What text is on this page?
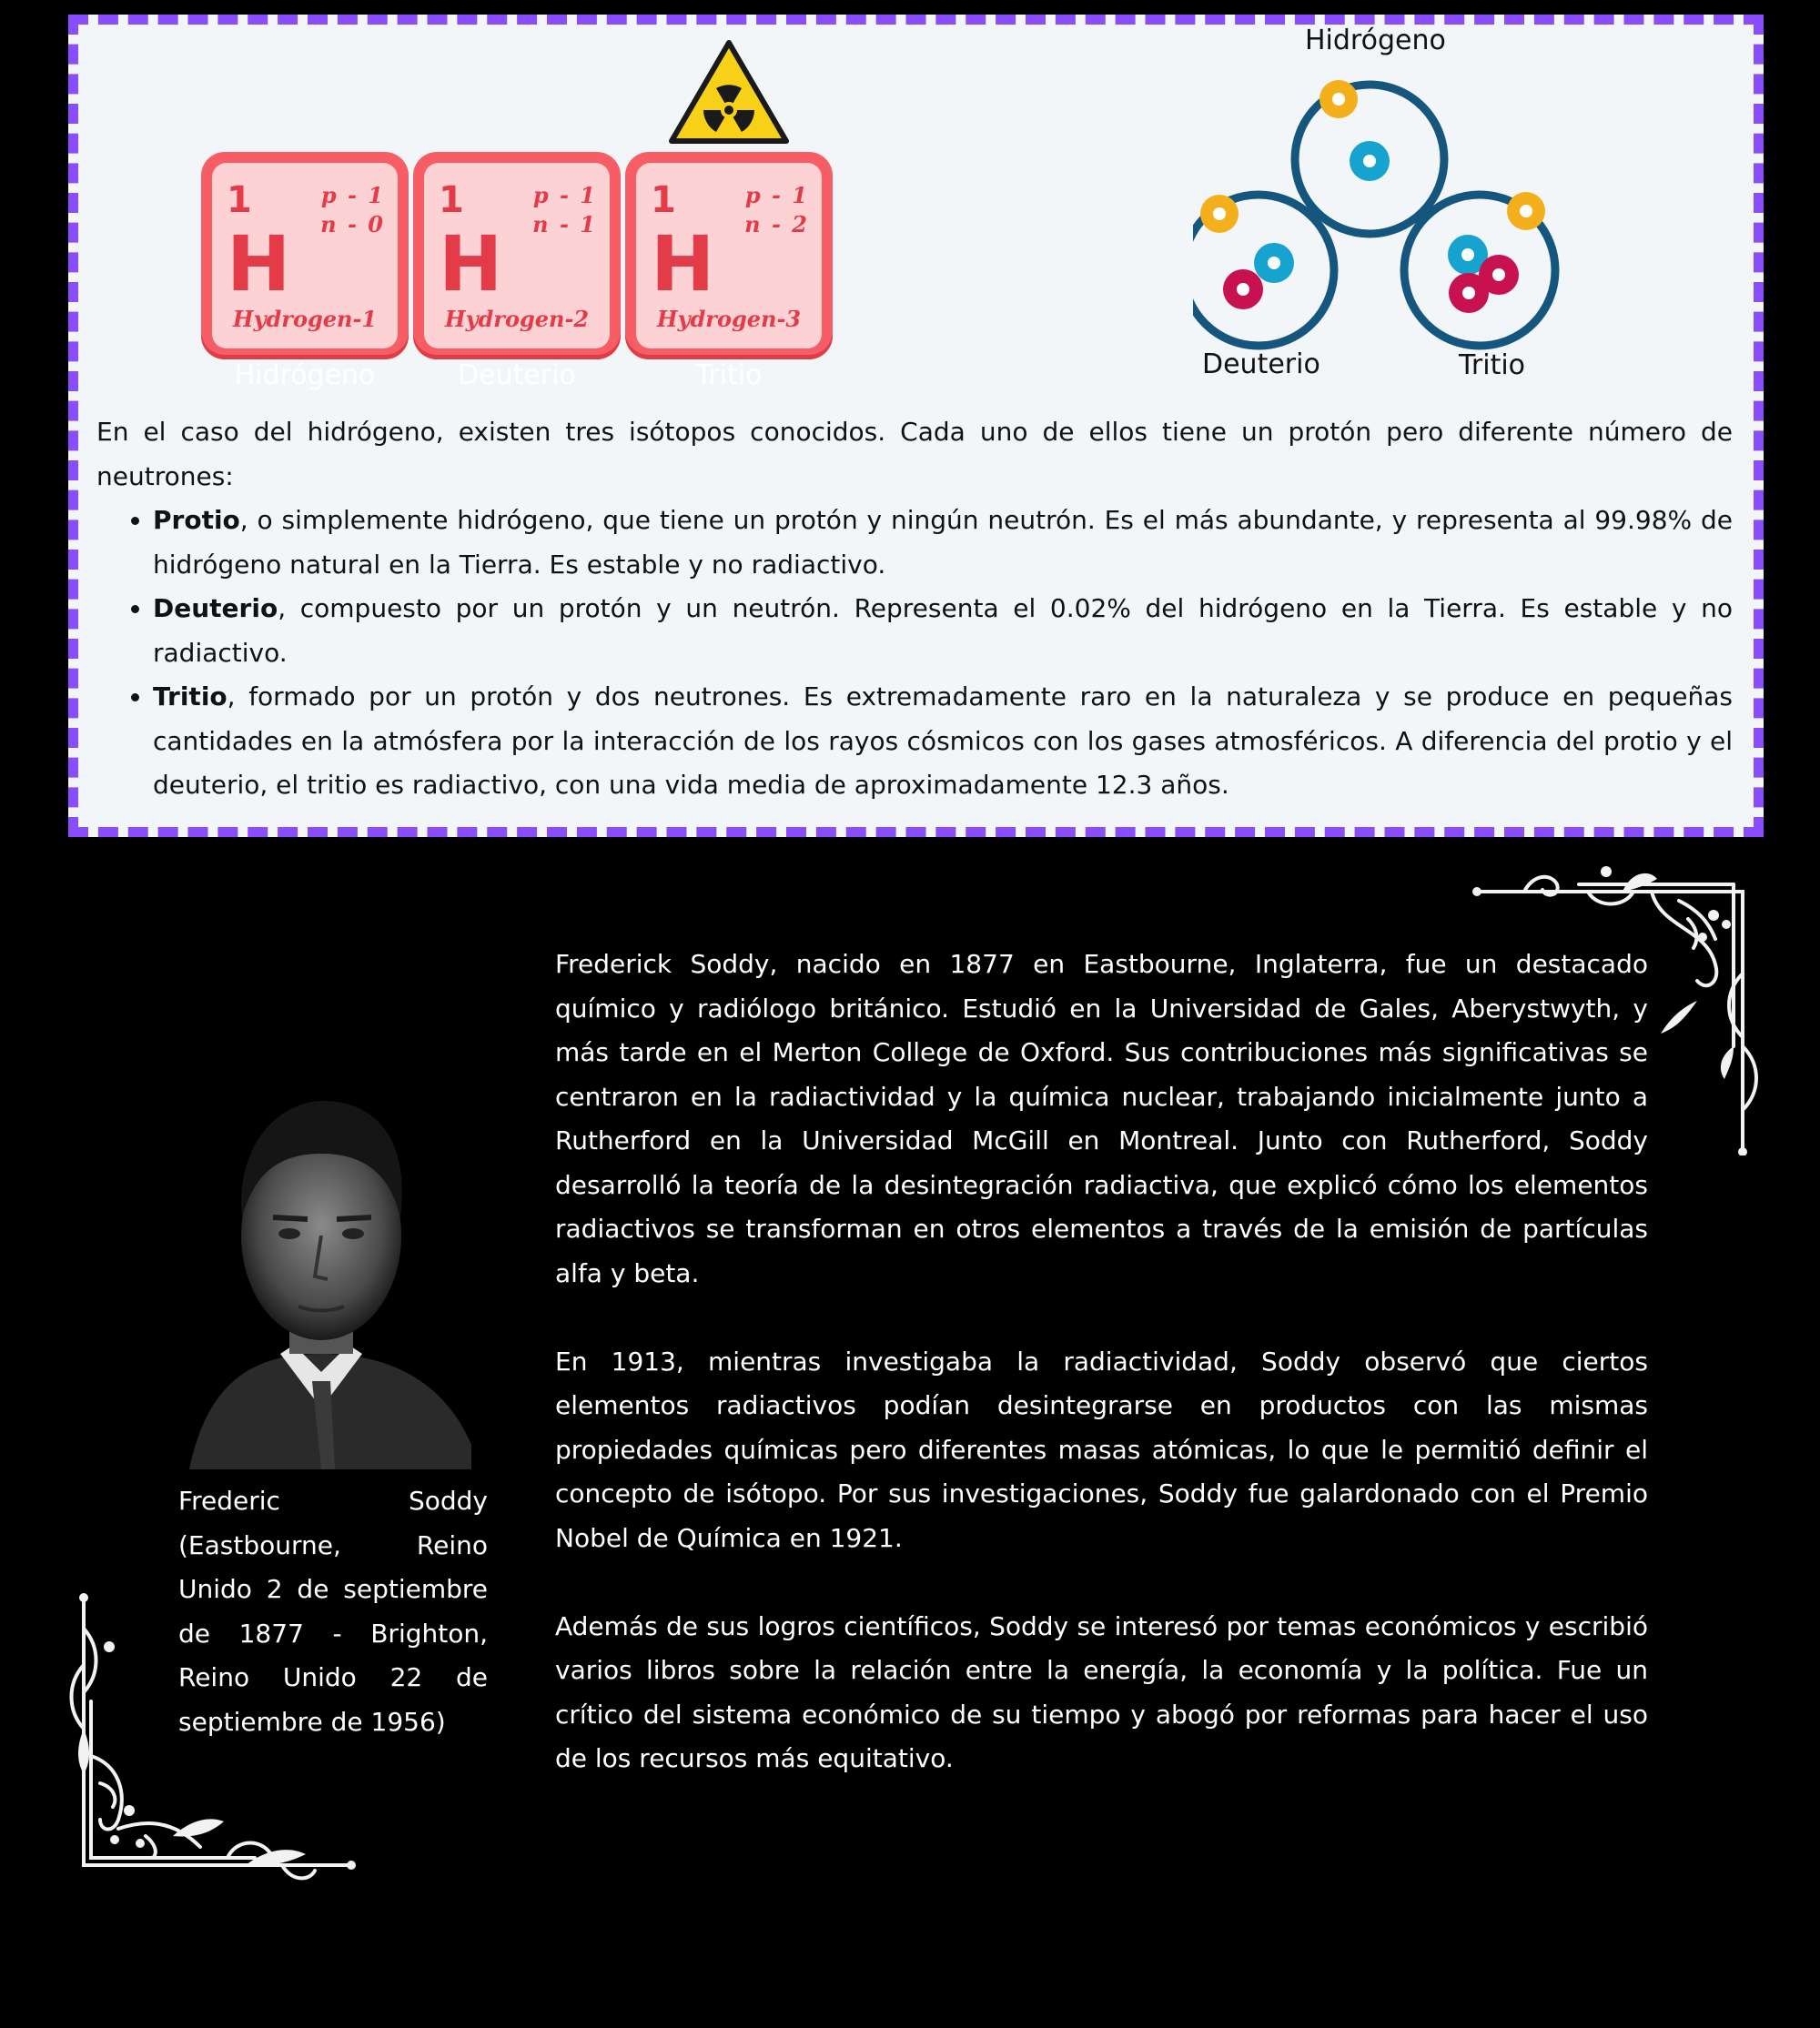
1	p - 1
n - 0
H
Hydrogen-1
Hidrógeno
1	p - 1
n - 1
H
Hydrogen-2
Deuterio
1	p - 1
n - 2
H
Hydrogen-3
Tritio
Hidrógeno
Deuterio	Tritio

En el caso del hidrógeno, existen tres isótopos conocidos. Cada uno de ellos tiene un protón pero diferente número de neutrones:

• Protio, o simplemente hidrógeno, que tiene un protón y ningún neutrón. Es el más abundante, y representa al 99.98% de hidrógeno natural en la Tierra. Es estable y no radiactivo.
• Deuterio, compuesto por un protón y un neutrón. Representa el 0.02% del hidrógeno en la Tierra. Es estable y no radiactivo.
• Tritio, formado por un protón y dos neutrones. Es extremadamente raro en la naturaleza y se produce en pequeñas cantidades en la atmósfera por la interacción de los rayos cósmicos con los gases atmosféricos. A diferencia del protio y el deuterio, el tritio es radiactivo, con una vida media de aproximadamente 12.3 años.
Frederic Soddy (Eastbourne, Reino Unido 2 de septiembre de 1877 - Brighton, Reino Unido 22 de septiembre de 1956)

Frederick Soddy, nacido en 1877 en Eastbourne, Inglaterra, fue un destacado químico y radiólogo británico. Estudió en la Universidad de Gales, Aberystwyth, y más tarde en el Merton College de Oxford. Sus contribuciones más significativas se centraron en la radiactividad y la química nuclear, trabajando inicialmente junto a Rutherford en la Universidad McGill en Montreal. Junto con Rutherford, Soddy desarrolló la teoría de la desintegración radiactiva, que explicó cómo los elementos radiactivos se transforman en otros elementos a través de la emisión de partículas alfa y beta.

En 1913, mientras investigaba la radiactividad, Soddy observó que ciertos elementos radiactivos podían desintegrarse en productos con las mismas propiedades químicas pero diferentes masas atómicas, lo que le permitió definir el concepto de isótopo. Por sus investigaciones, Soddy fue galardonado con el Premio Nobel de Química en 1921.

Además de sus logros científicos, Soddy se interesó por temas económicos y escribió varios libros sobre la relación entre la energía, la economía y la política. Fue un crítico del sistema económico de su tiempo y abogó por reformas para hacer el uso de los recursos más equitativo.
